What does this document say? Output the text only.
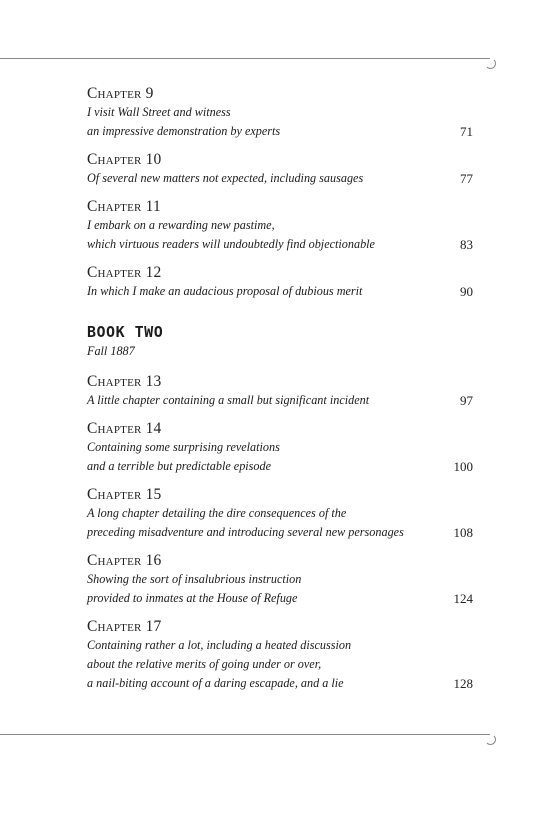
Chapter 9
I visit Wall Street and witness
an impressive demonstration by experts	71
Chapter 10
Of several new matters not expected, including sausages	77
Chapter 11
I embark on a rewarding new pastime,
which virtuous readers will undoubtedly find objectionable	83
Chapter 12
In which I make an audacious proposal of dubious merit	90
BOOK TWO
Fall 1887
Chapter 13
A little chapter containing a small but significant incident	97
Chapter 14
Containing some surprising revelations
and a terrible but predictable episode	100
Chapter 15
A long chapter detailing the dire consequences of the
preceding misadventure and introducing several new personages	108
Chapter 16
Showing the sort of insalubrious instruction
provided to inmates at the House of Refuge	124
Chapter 17
Containing rather a lot, including a heated discussion
about the relative merits of going under or over,
a nail-biting account of a daring escapade, and a lie	128
